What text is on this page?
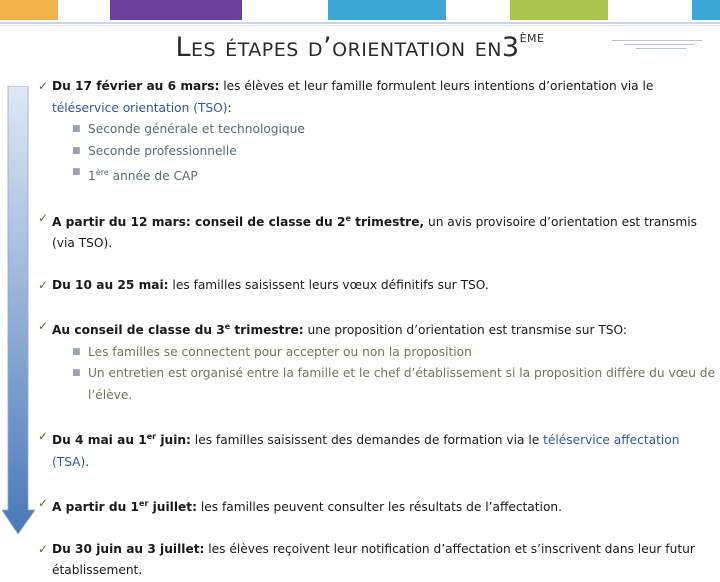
Les étapes d’orientation en3ème
✓ Du 17 février au 6 mars: les élèves et leur famille formulent leurs intentions d’orientation via le téléservice orientation (TSO):
■ Seconde générale et technologique
■ Seconde professionnelle
■ 1ère année de CAP
✓ A partir du 12 mars: conseil de classe du 2e trimestre, un avis provisoire d’orientation est transmis (via TSO).
✓ Du 10 au 25 mai: les familles saisissent leurs vœux définitifs sur TSO.
✓ Au conseil de classe du 3e trimestre: une proposition d’orientation est transmise sur TSO:
■ Les familles se connectent pour accepter ou non la proposition
■ Un entretien est organisé entre la famille et le chef d’établissement si la proposition diffère du vœu de l’élève.
✓ Du 4 mai au 1er juin: les familles saisissent des demandes de formation via le téléservice affectation (TSA).
✓ A partir du 1er juillet: les familles peuvent consulter les résultats de l’affectation.
✓ Du 30 juin au 3 juillet: les élèves reçoivent leur notification d’affectation et s’inscrivent dans leur futur établissement.
